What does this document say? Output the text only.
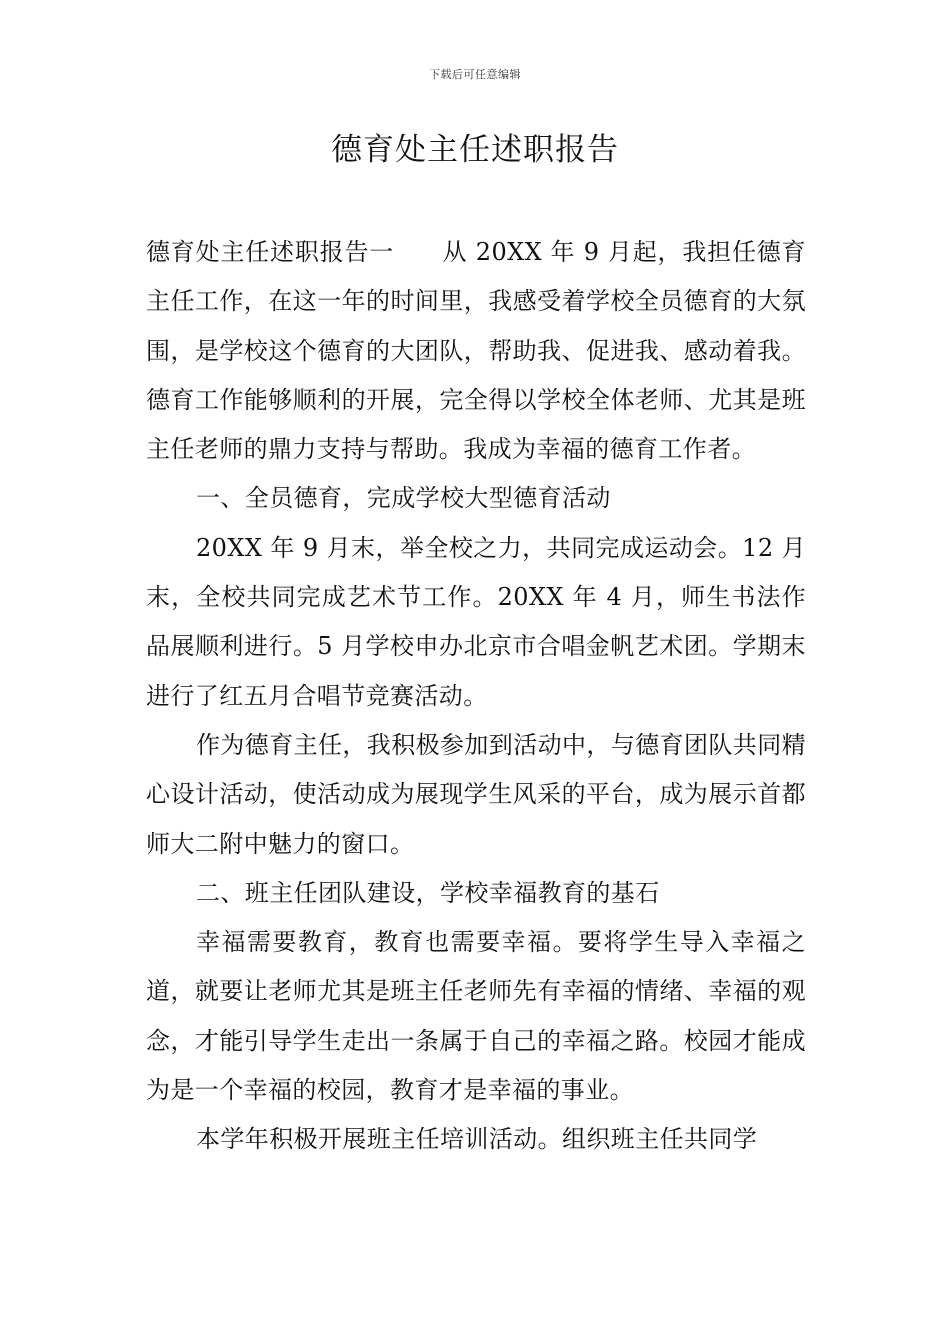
下载后可任意编辑
德育处主任述职报告

德育处主任述职报告一 从 20XX 年 9 月起，我担任德育主任工作，在这一年的时间里，我感受着学校全员德育的大氛围，是学校这个德育的大团队，帮助我、促进我、感动着我。德育工作能够顺利的开展，完全得以学校全体老师、尤其是班主任老师的鼎力支持与帮助。我成为幸福的德育工作者。

一、全员德育，完成学校大型德育活动

20XX 年 9 月末，举全校之力，共同完成运动会。12 月末，全校共同完成艺术节工作。20XX 年 4 月，师生书法作品展顺利进行。5 月学校申办北京市合唱金帆艺术团。学期末进行了红五月合唱节竞赛活动。

作为德育主任，我积极参加到活动中，与德育团队共同精心设计活动，使活动成为展现学生风采的平台，成为展示首都师大二附中魅力的窗口。

二、班主任团队建设，学校幸福教育的基石

幸福需要教育，教育也需要幸福。要将学生导入幸福之道，就要让老师尤其是班主任老师先有幸福的情绪、幸福的观念，才能引导学生走出一条属于自己的幸福之路。校园才能成为是一个幸福的校园，教育才是幸福的事业。

本学年积极开展班主任培训活动。组织班主任共同学
